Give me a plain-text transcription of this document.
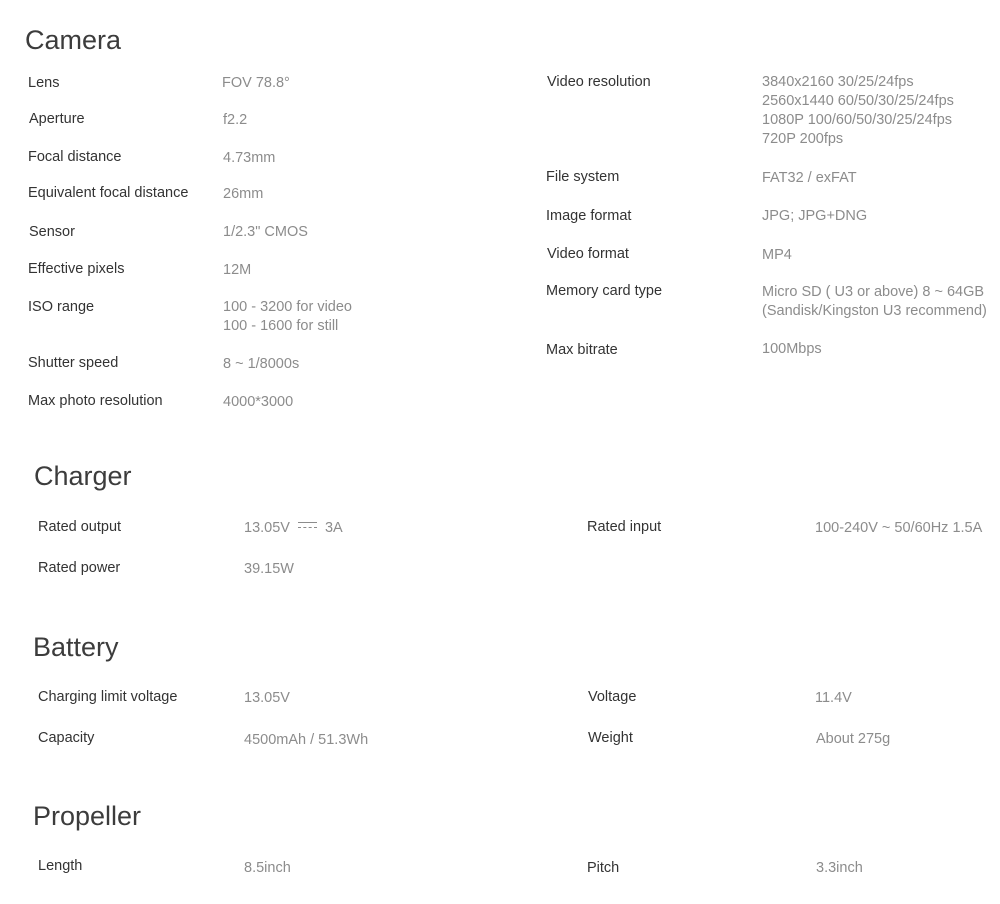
Camera
Lens	FOV 78.8°
Aperture	f2.2
Focal distance	4.73mm
Equivalent focal distance 26mm
Sensor	1/2.3" CMOS
Effective pixels	12M
ISO range	100 - 3200 for video
100 - 1600 for still
Shutter speed	8 ~ 1/8000s
Max photo resolution	4000*3000
Video resolution	3840x2160 30/25/24fps
2560x1440 60/50/30/25/24fps
1080P 100/60/50/30/25/24fps
720P 200fps
File system	FAT32 / exFAT
Image format	JPG; JPG+DNG
Video format	MP4
Memory card type	Micro SD ( U3 or above) 8 ~ 64GB
(Sandisk/Kingston U3 recommend)
Max bitrate	100Mbps
Charger
Rated output	13.05V 3A
Rated power	39.15W
Rated input	100-240V ~ 50/60Hz 1.5A
Battery
Charging limit voltage	13.05V
Capacity	4500mAh / 51.3Wh
Voltage	11.4V
Weight	About 275g
Propeller
Length	8.5inch	Pitch	3.3inch
